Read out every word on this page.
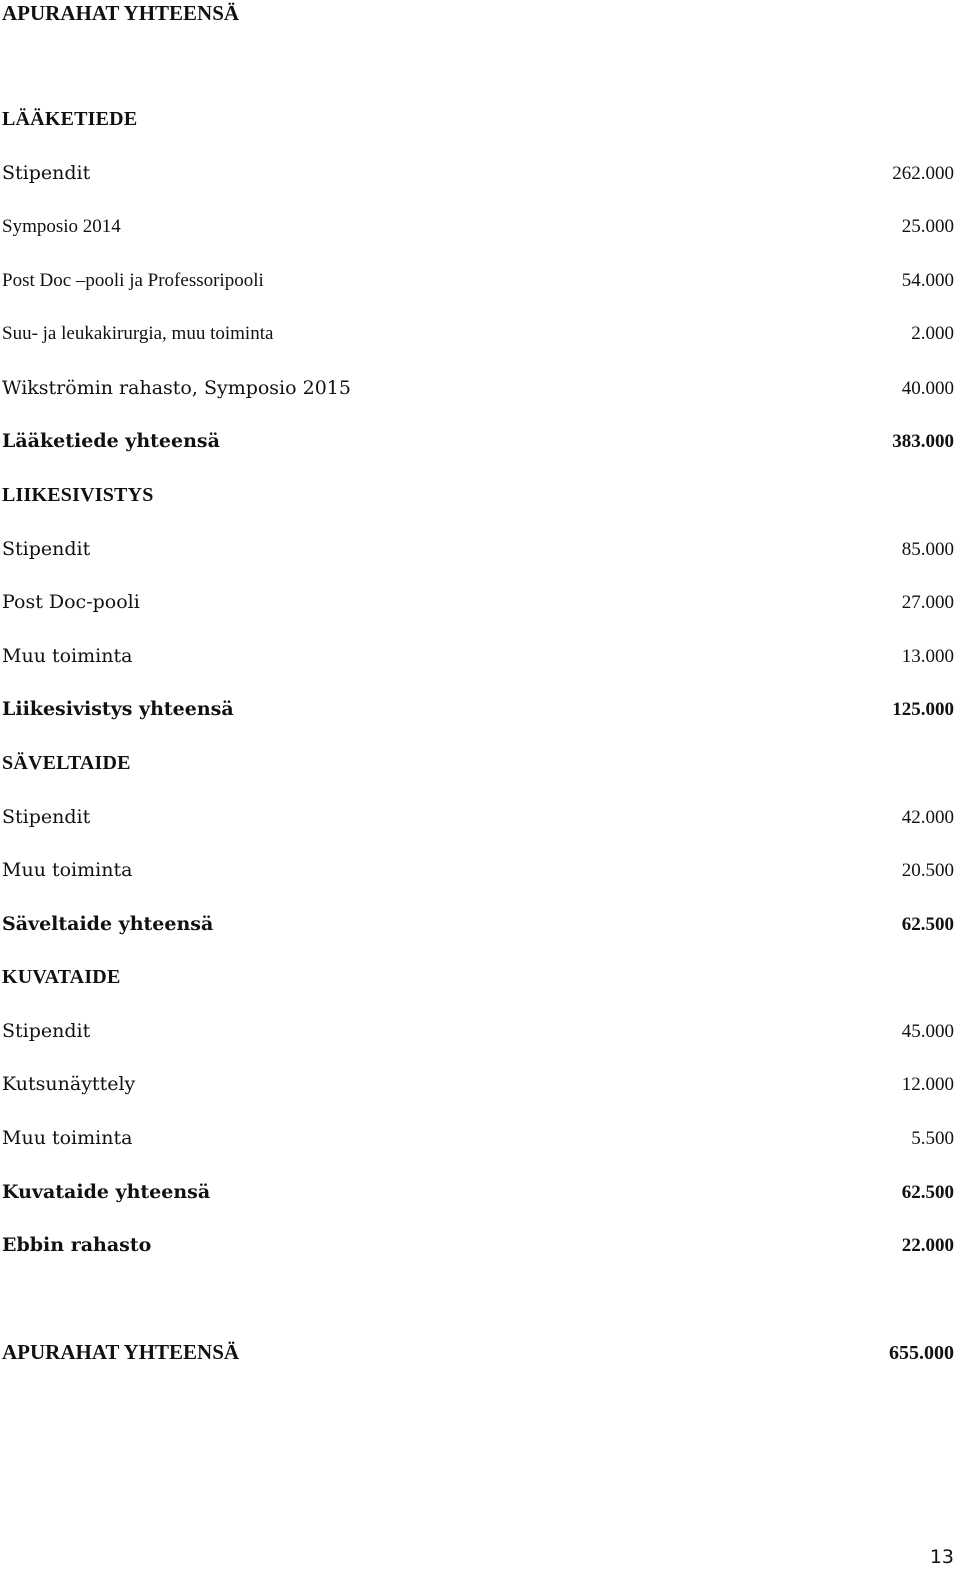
APURAHAT YHTEENSÄ
LÄÄKETIEDE
Stipendit	262.000
Symposio 2014	25.000
Post Doc –pooli ja Professoripooli	54.000
Suu- ja leukakirurgia, muu toiminta	2.000
Wikströmin rahasto, Symposio 2015	40.000
Lääketiede yhteensä	383.000
LIIKESIVISTYS
Stipendit	85.000
Post Doc-pooli	27.000
Muu toiminta	13.000
Liikesivistys yhteensä	125.000
SÄVELTAIDE
Stipendit	42.000
Muu toiminta	20.500
Säveltaide yhteensä	62.500
KUVATAIDE
Stipendit	45.000
Kutsunäyttely	12.000
Muu toiminta	5.500
Kuvataide yhteensä	62.500
Ebbin rahasto	22.000
APURAHAT YHTEENSÄ	655.000
13
